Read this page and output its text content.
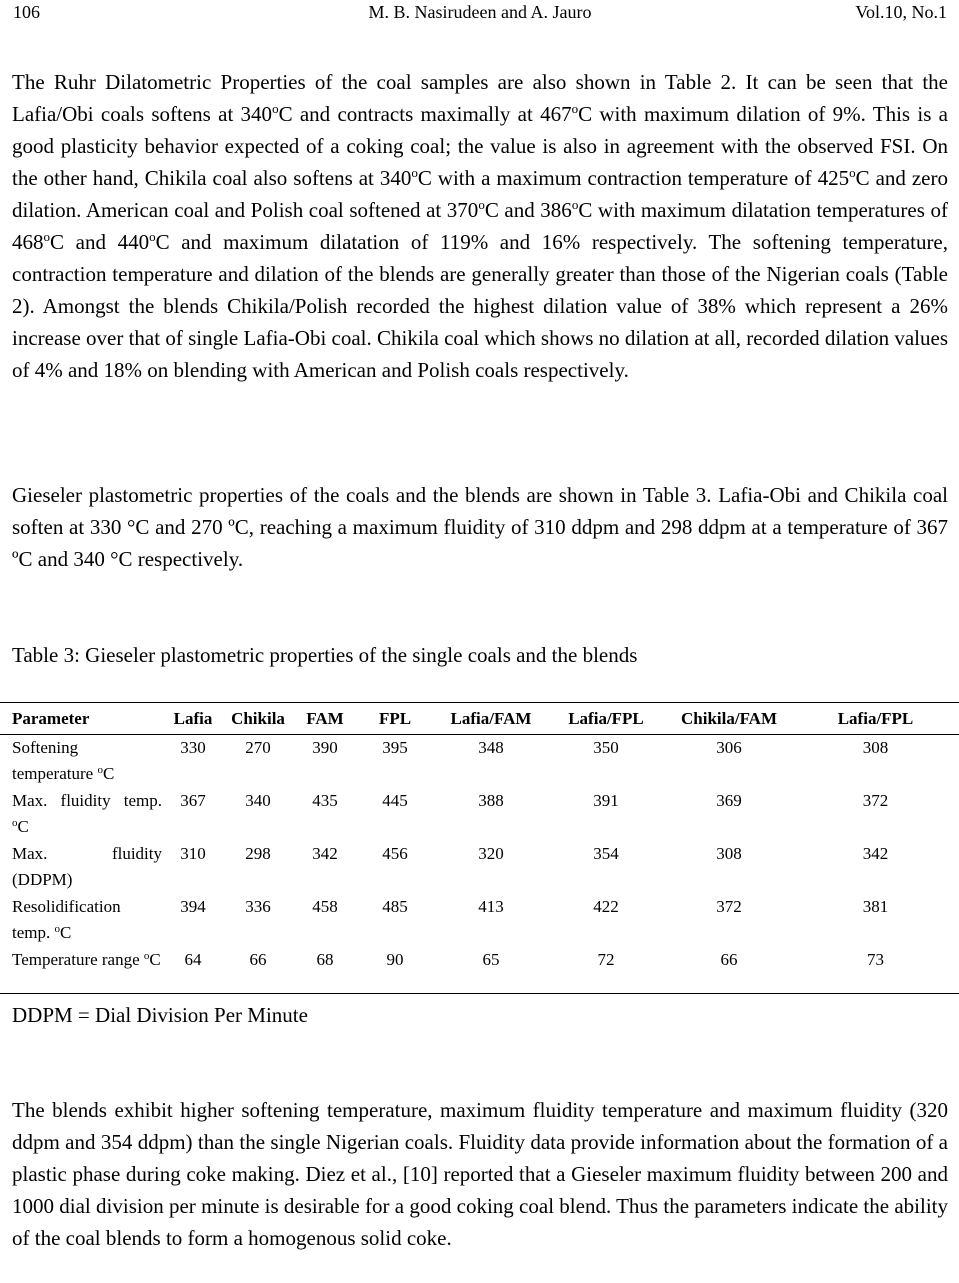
106	M. B. Nasirudeen and A. Jauro	Vol.10, No.1

The Ruhr Dilatometric Properties of the coal samples are also shown in Table 2. It can be seen that the Lafia/Obi coals softens at 340$^o$C and contracts maximally at 467$^o$C with maximum dilation of 9%. This is a good plasticity behavior expected of a coking coal; the value is also in agreement with the observed FSI. On the other hand, Chikila coal also softens at 340$^o$C with a maximum contraction temperature of 425$^o$C and zero dilation. American coal and Polish coal softened at 370$^o$C and 386$^o$C with maximum dilatation temperatures of 468$^o$C and 440$^o$C and maximum dilatation of 119% and 16% respectively. The softening temperature, contraction temperature and dilation of the blends are generally greater than those of the Nigerian coals (Table 2). Amongst the blends Chikila/Polish recorded the highest dilation value of 38% which represent a 26% increase over that of single Lafia-Obi coal. Chikila coal which shows no dilation at all, recorded dilation values of 4% and 18% on blending with American and Polish coals respectively.

Gieseler plastometric properties of the coals and the blends are shown in Table 3. Lafia-Obi and Chikila coal soften at 330 °C and 270 ºC, reaching a maximum fluidity of 310 ddpm and 298 ddpm at a temperature of 367 ºC and 340 °C respectively.

Table 3: Gieseler plastometric properties of the single coals and the blends

Parameter	Lafia	Chikila	FAM	FPL	Lafia/FAM	Lafia/FPL	Chikila/FAM	Lafia/FPL
Softening temperature $^o$C	330	270	390	395	348	350	306	308
Max. fluidity temp. $^o$C	367	340	435	445	388	391	369	372
Max. fluidity (DDPM)	310	298	342	456	320	354	308	342
Resolidification temp. $^o$C	394	336	458	485	413	422	372	381
Temperature range $^o$C	64	66	68	90	65	72	66	73

DDPM = Dial Division Per Minute

The blends exhibit higher softening temperature, maximum fluidity temperature and maximum fluidity (320 ddpm and 354 ddpm) than the single Nigerian coals. Fluidity data provide information about the formation of a plastic phase during coke making. Diez et al., [10] reported that a Gieseler maximum fluidity between 200 and 1000 dial division per minute is desirable for a good coking coal blend. Thus the parameters indicate the ability of the coal blends to form a homogenous solid coke.
